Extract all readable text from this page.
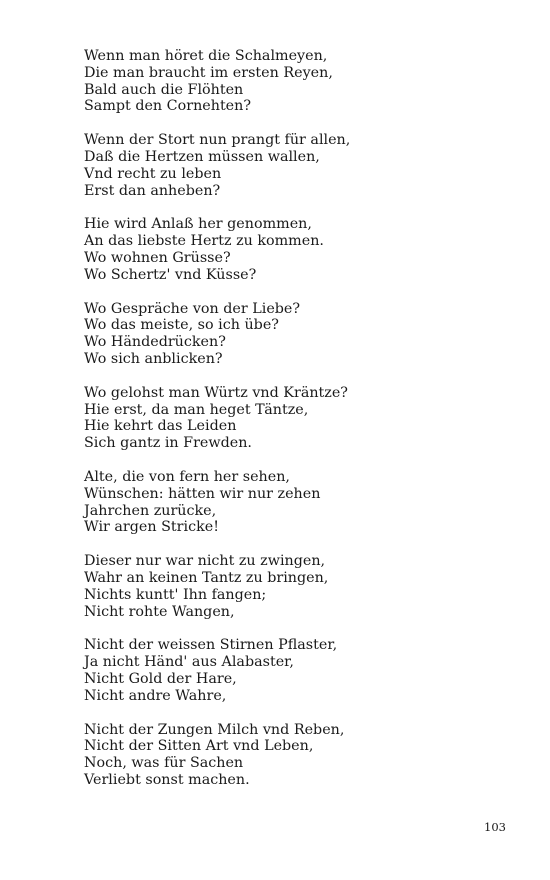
Wenn man höret die Schalmeyen,
Die man braucht im ersten Reyen,
Bald auch die Flöhten
Sampt den Cornehten?
Wenn der Stort nun prangt für allen,
Daß die Hertzen müssen wallen,
Vnd recht zu leben
Erst dan anheben?
Hie wird Anlaß her genommen,
An das liebste Hertz zu kommen.
Wo wohnen Grüsse?
Wo Schertz' vnd Küsse?
Wo Gespräche von der Liebe?
Wo das meiste, so ich übe?
Wo Händedrücken?
Wo sich anblicken?
Wo gelohst man Würtz vnd Kräntze?
Hie erst, da man heget Täntze,
Hie kehrt das Leiden
Sich gantz in Frewden.
Alte, die von fern her sehen,
Wünschen: hätten wir nur zehen
Jahrchen zurücke,
Wir argen Stricke!
Dieser nur war nicht zu zwingen,
Wahr an keinen Tantz zu bringen,
Nichts kuntt' Ihn fangen;
Nicht rohte Wangen,
Nicht der weissen Stirnen Pflaster,
Ja nicht Händ' aus Alabaster,
Nicht Gold der Hare,
Nicht andre Wahre,
Nicht der Zungen Milch vnd Reben,
Nicht der Sitten Art vnd Leben,
Noch, was für Sachen
Verliebt sonst machen.
103
